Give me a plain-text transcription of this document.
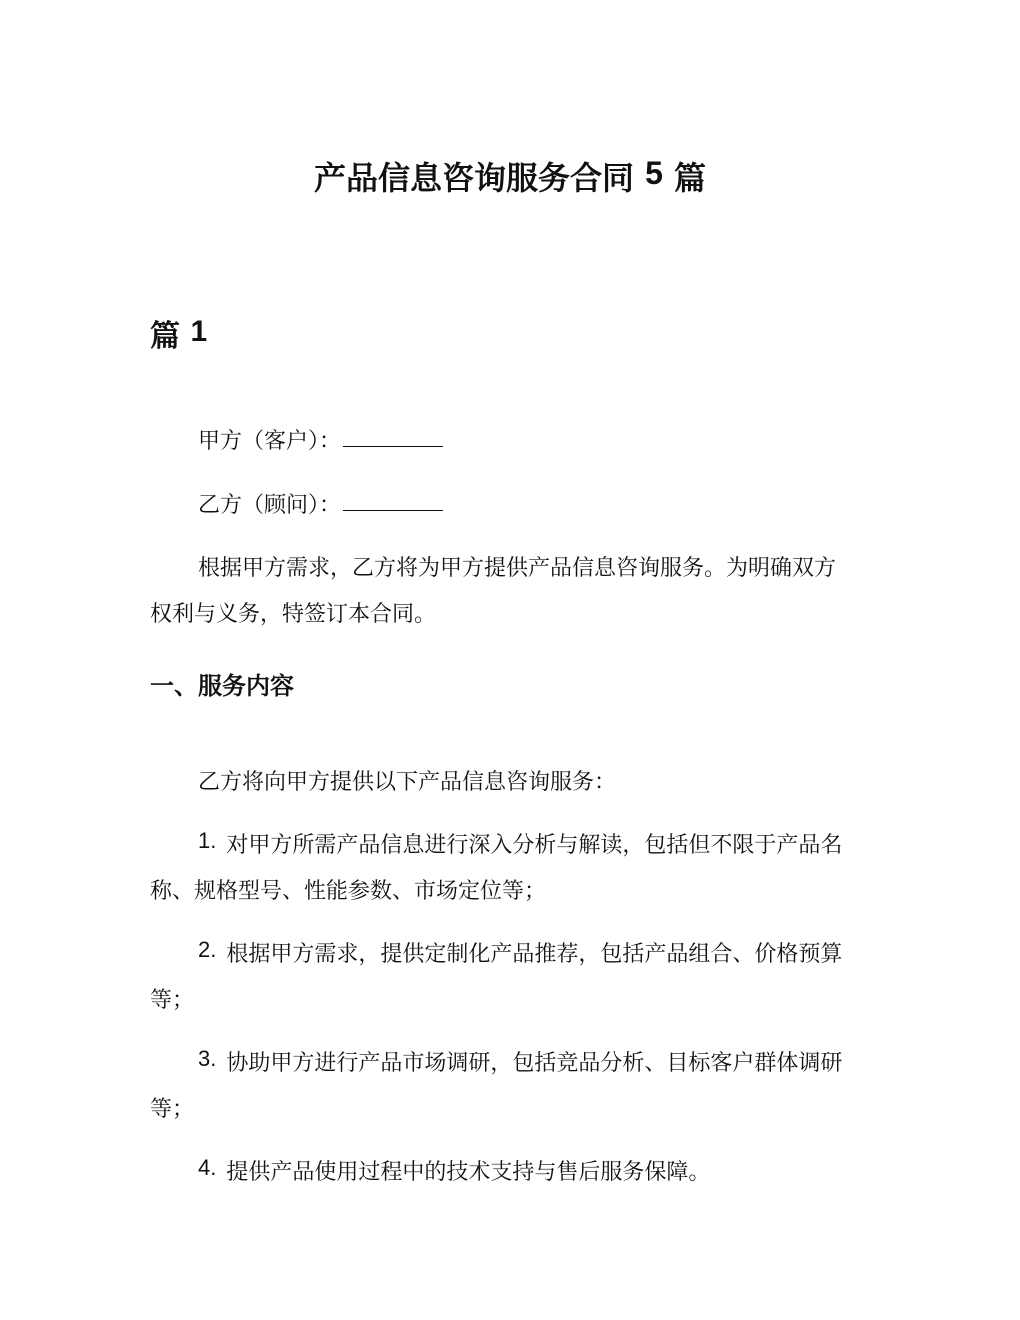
产品信息咨询服务合同 5 篇
篇 1

甲方（客户）：

乙方（顾问）：

根据甲方需求，乙方将为甲方提供产品信息咨询服务。为明确双方权利与义务，特签订本合同。

一、服务内容

乙方将向甲方提供以下产品信息咨询服务：

1. 对甲方所需产品信息进行深入分析与解读，包括但不限于产品名称、规格型号、性能参数、市场定位等；

2. 根据甲方需求，提供定制化产品推荐，包括产品组合、价格预算等；

3. 协助甲方进行产品市场调研，包括竞品分析、目标客户群体调研等；

4. 提供产品使用过程中的技术支持与售后服务保障。
